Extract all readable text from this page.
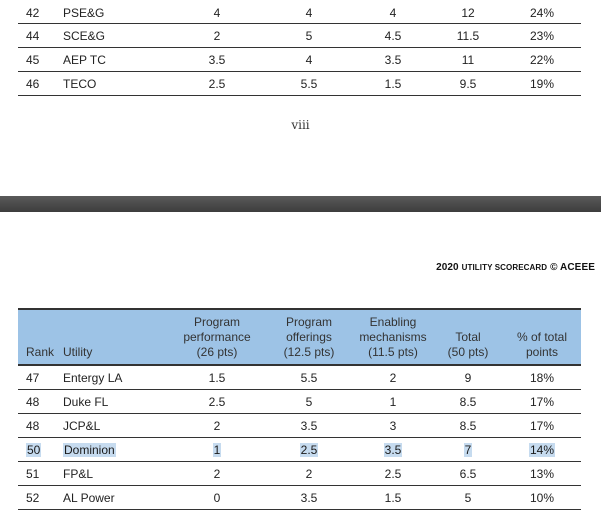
42	PSE&G	4	4	4	12	24%
44	SCE&G	2	5	4.5	11.5	23%
45	AEP TC	3.5	4	3.5	11	22%
46	TECO	2.5	5.5	1.5	9.5	19%
viii
2020 UTILITY SCORECARD © ACEEE
Rank	Utility	Program
performance
(26 pts)	Program
offerings
(12.5 pts)	Enabling
mechanisms
(11.5 pts)	Total
(50 pts)	% of total
points
47	Entergy LA	1.5	5.5	2	9	18%
48	Duke FL	2.5	5	1	8.5	17%
48	JCP&L	2	3.5	3	8.5	17%
50	Dominion	1	2.5	3.5	7	14%
51	FP&L	2	2	2.5	6.5	13%
52	AL Power	0	3.5	1.5	5	10%
